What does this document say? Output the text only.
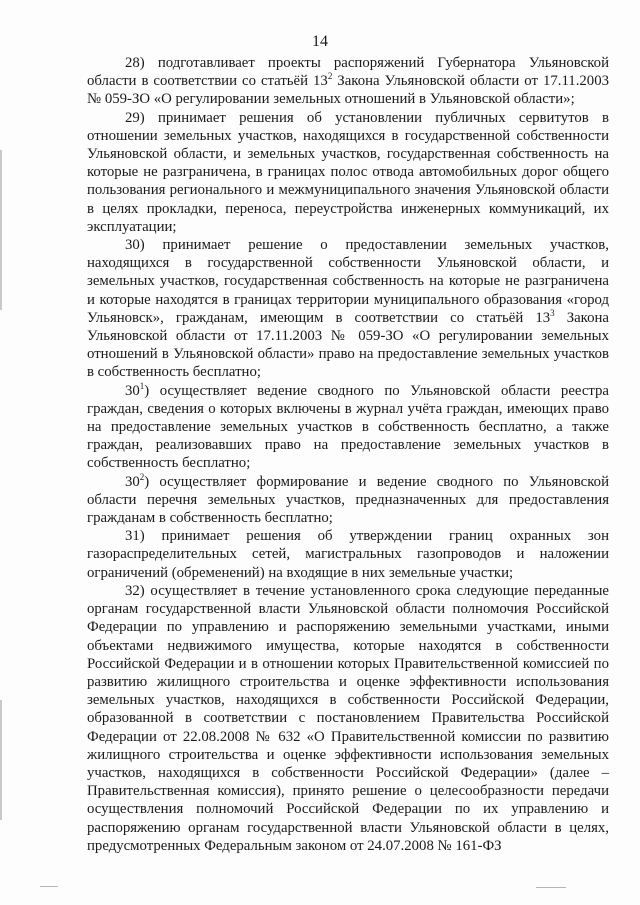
14

28) подготавливает проекты распоряжений Губернатора Ульяновской области в соответствии со статьёй $13^2$ Закона Ульяновской области от 17.11.2003 № 059-ЗО «О регулировании земельных отношений в Ульяновской области»;

29) принимает решения об установлении публичных сервитутов в отношении земельных участков, находящихся в государственной собственности Ульяновской области, и земельных участков, государственная собственность на которые не разграничена, в границах полос отвода автомобильных дорог общего пользования регионального и межмуниципального значения Ульяновской области в целях прокладки, переноса, переустройства инженерных коммуникаций, их эксплуатации;

30) принимает решение о предоставлении земельных участков, находящихся в государственной собственности Ульяновской области, и земельных участков, государственная собственность на которые не разграничена и которые находятся в границах территории муниципального образования «город Ульяновск», гражданам, имеющим в соответствии со статьёй $13^3$ Закона Ульяновской области от 17.11.2003 № 059-ЗО «О регулировании земельных отношений в Ульяновской области» право на предоставление земельных участков в собственность бесплатно;

$30^1$) осуществляет ведение сводного по Ульяновской области реестра граждан, сведения о которых включены в журнал учёта граждан, имеющих право на предоставление земельных участков в собственность бесплатно, а также граждан, реализовавших право на предоставление земельных участков в собственность бесплатно;

$30^2$) осуществляет формирование и ведение сводного по Ульяновской области перечня земельных участков, предназначенных для предоставления гражданам в собственность бесплатно;

31) принимает решения об утверждении границ охранных зон газораспределительных сетей, магистральных газопроводов и наложении ограничений (обременений) на входящие в них земельные участки;

32) осуществляет в течение установленного срока следующие переданные органам государственной власти Ульяновской области полномочия Российской Федерации по управлению и распоряжению земельными участками, иными объектами недвижимого имущества, которые находятся в собственности Российской Федерации и в отношении которых Правительственной комиссией по развитию жилищного строительства и оценке эффективности использования земельных участков, находящихся в собственности Российской Федерации, образованной в соответствии с постановлением Правительства Российской Федерации от 22.08.2008 № 632 «О Правительственной комиссии по развитию жилищного строительства и оценке эффективности использования земельных участков, находящихся в собственности Российской Федерации» (далее – Правительственная комиссия), принято решение о целесообразности передачи осуществления полномочий Российской Федерации по их управлению и распоряжению органам государственной власти Ульяновской области в целях, предусмотренных Федеральным законом от 24.07.2008 № 161-ФЗ
